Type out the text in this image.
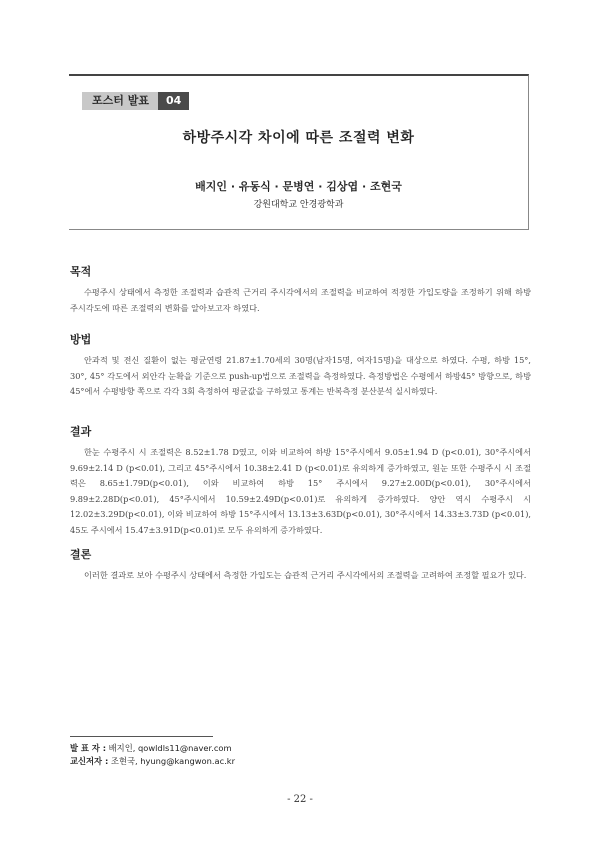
포스터 발표	04
하방주시각 차이에 따른 조절력 변화
배지인 · 유동식 · 문병연 · 김상엽 · 조현국
강원대학교 안경광학과
목적

수평주시 상태에서 측정한 조절력과 습관적 근거리 주시각에서의 조절력을 비교하여 적정한 가입도량을 조정하기 위해 하방 주시각도에 따른 조절력의 변화를 알아보고자 하였다.

방법

안과적 및 전신 질환이 없는 평균연령 21.87±1.70세의 30명(남자15명, 여자15명)을 대상으로 하였다. 수평, 하방 15°, 30°, 45° 각도에서 외안각 눈확을 기준으로 push-up법으로 조절력을 측정하였다. 측정방법은 수평에서 하방45° 방향으로, 하방45°에서 수평방향 쪽으로 각각 3회 측정하여 평균값을 구하였고 통계는 반복측정 분산분석 실시하였다.

결과

한눈 수평주시 시 조절력은 8.52±1.78 D였고, 이와 비교하여 하방 15°주시에서 9.05±1.94 D (p<0.01), 30°주시에서 9.69±2.14 D (p<0.01), 그리고 45°주시에서 10.38±2.41 D (p<0.01)로 유의하게 증가하였고, 원눈 또한 수평주시 시 조절력은 8.65±1.79D(p<0.01), 이와 비교하여 하방 15° 주시에서 9.27±2.00D(p<0.01), 30°주시에서 9.89±2.28D(p<0.01), 45°주시에서 10.59±2.49D(p<0.01)로 유의하게 증가하였다. 양안 역시 수평주시 시 12.02±3.29D(p<0.01), 이와 비교하여 하방 15°주시에서 13.13±3.63D(p<0.01), 30°주시에서 14.33±3.73D (p<0.01), 45도 주시에서 15.47±3.91D(p<0.01)로 모두 유의하게 증가하였다.

결론

이러한 결과로 보아 수평주시 상태에서 측정한 가입도는 습관적 근거리 주시각에서의 조절력을 고려하여 조정할 필요가 있다.

발 표 자 : 배지인, qowldls11@naver.com
교신저자 : 조현국, hyung@kangwon.ac.kr
- 22 -
